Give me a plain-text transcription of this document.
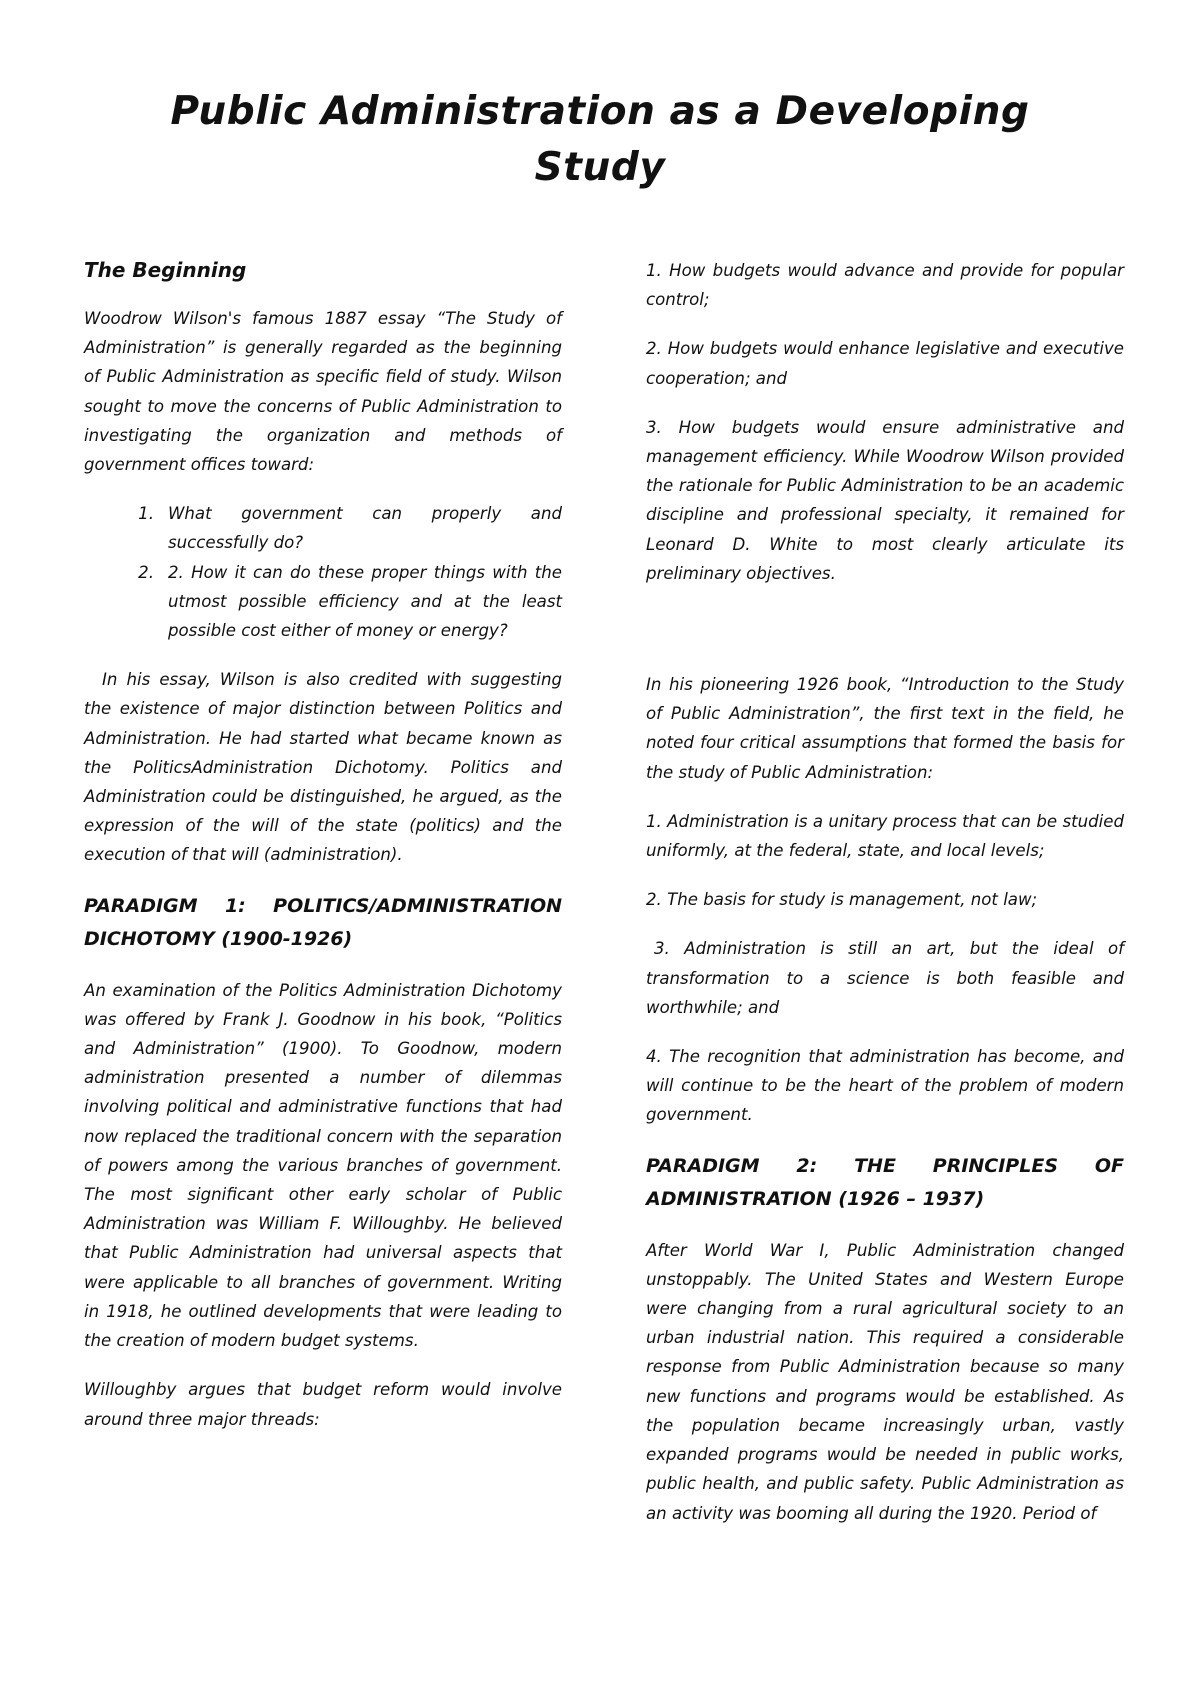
Public Administration as a Developing Study
The Beginning

Woodrow Wilson's famous 1887 essay “The Study of Administration” is generally regarded as the beginning of Public Administration as specific field of study. Wilson sought to move the concerns of Public Administration to investigating the organization and methods of government offices toward:

1. What government can properly and successfully do?
2. 2. How it can do these proper things with the utmost possible efficiency and at the least possible cost either of money or energy?

In his essay, Wilson is also credited with suggesting the existence of major distinction between Politics and Administration. He had started what became known as the PoliticsAdministration Dichotomy. Politics and Administration could be distinguished, he argued, as the expression of the will of the state (politics) and the execution of that will (administration).

PARADIGM 1: POLITICS/ADMINISTRATION DICHOTOMY (1900-1926)

An examination of the Politics Administration Dichotomy was offered by Frank J. Goodnow in his book, “Politics and Administration” (1900). To Goodnow, modern administration presented a number of dilemmas involving political and administrative functions that had now replaced the traditional concern with the separation of powers among the various branches of government. The most significant other early scholar of Public Administration was William F. Willoughby. He believed that Public Administration had universal aspects that were applicable to all branches of government. Writing in 1918, he outlined developments that were leading to the creation of modern budget systems.

Willoughby argues that budget reform would involve around three major threads:

1. How budgets would advance and provide for popular control;

2. How budgets would enhance legislative and executive cooperation; and

3. How budgets would ensure administrative and management efficiency. While Woodrow Wilson provided the rationale for Public Administration to be an academic discipline and professional specialty, it remained for Leonard D. White to most clearly articulate its preliminary objectives.

In his pioneering 1926 book, “Introduction to the Study of Public Administration”, the first text in the field, he noted four critical assumptions that formed the basis for the study of Public Administration:

1. Administration is a unitary process that can be studied uniformly, at the federal, state, and local levels;

2. The basis for study is management, not law;

3. Administration is still an art, but the ideal of transformation to a science is both feasible and worthwhile; and

4. The recognition that administration has become, and will continue to be the heart of the problem of modern government.

PARADIGM 2: THE PRINCIPLES OF ADMINISTRATION (1926 – 1937)

After World War I, Public Administration changed unstoppably. The United States and Western Europe were changing from a rural agricultural society to an urban industrial nation. This required a considerable response from Public Administration because so many new functions and programs would be established. As the population became increasingly urban, vastly expanded programs would be needed in public works, public health, and public safety. Public Administration as an activity was booming all during the 1920. Period of
